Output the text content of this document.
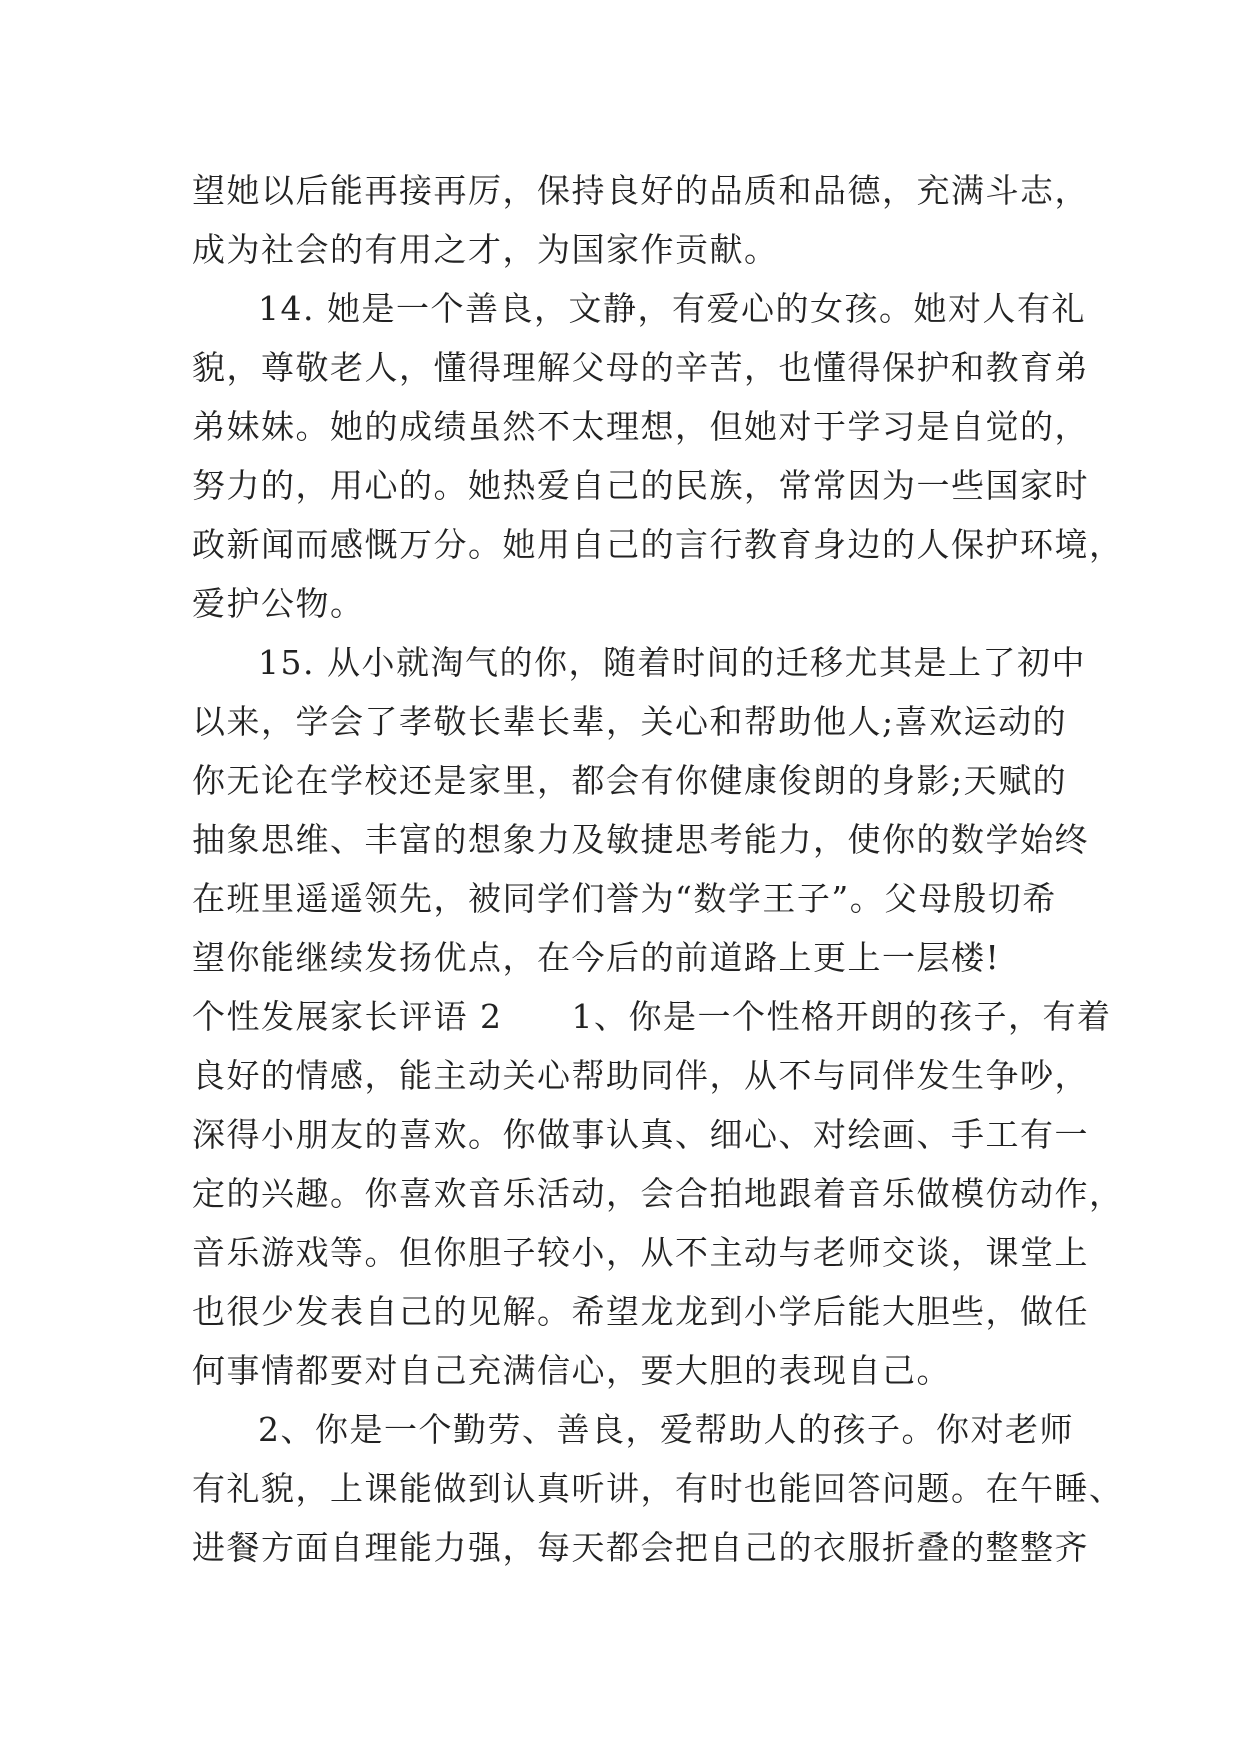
望她以后能再接再厉，保持良好的品质和品德，充满斗志，
成为社会的有用之才，为国家作贡献。
14. 她是一个善良，文静，有爱心的女孩。她对人有礼
貌，尊敬老人，懂得理解父母的辛苦，也懂得保护和教育弟
弟妹妹。她的成绩虽然不太理想，但她对于学习是自觉的，
努力的，用心的。她热爱自己的民族，常常因为一些国家时
政新闻而感慨万分。她用自己的言行教育身边的人保护环境，
爱护公物。
15. 从小就淘气的你，随着时间的迁移尤其是上了初中
以来，学会了孝敬长辈长辈，关心和帮助他人;喜欢运动的
你无论在学校还是家里，都会有你健康俊朗的身影;天赋的
抽象思维、丰富的想象力及敏捷思考能力，使你的数学始终
在班里遥遥领先，被同学们誉为“数学王子”。父母殷切希
望你能继续发扬优点，在今后的前道路上更上一层楼!
个性发展家长评语 2　　1、你是一个性格开朗的孩子，有着
良好的情感，能主动关心帮助同伴，从不与同伴发生争吵，
深得小朋友的喜欢。你做事认真、细心、对绘画、手工有一
定的兴趣。你喜欢音乐活动，会合拍地跟着音乐做模仿动作，
音乐游戏等。但你胆子较小，从不主动与老师交谈，课堂上
也很少发表自己的见解。希望龙龙到小学后能大胆些，做任
何事情都要对自己充满信心，要大胆的表现自己。
2、你是一个勤劳、善良，爱帮助人的孩子。你对老师
有礼貌，上课能做到认真听讲，有时也能回答问题。在午睡、
进餐方面自理能力强，每天都会把自己的衣服折叠的整整齐
